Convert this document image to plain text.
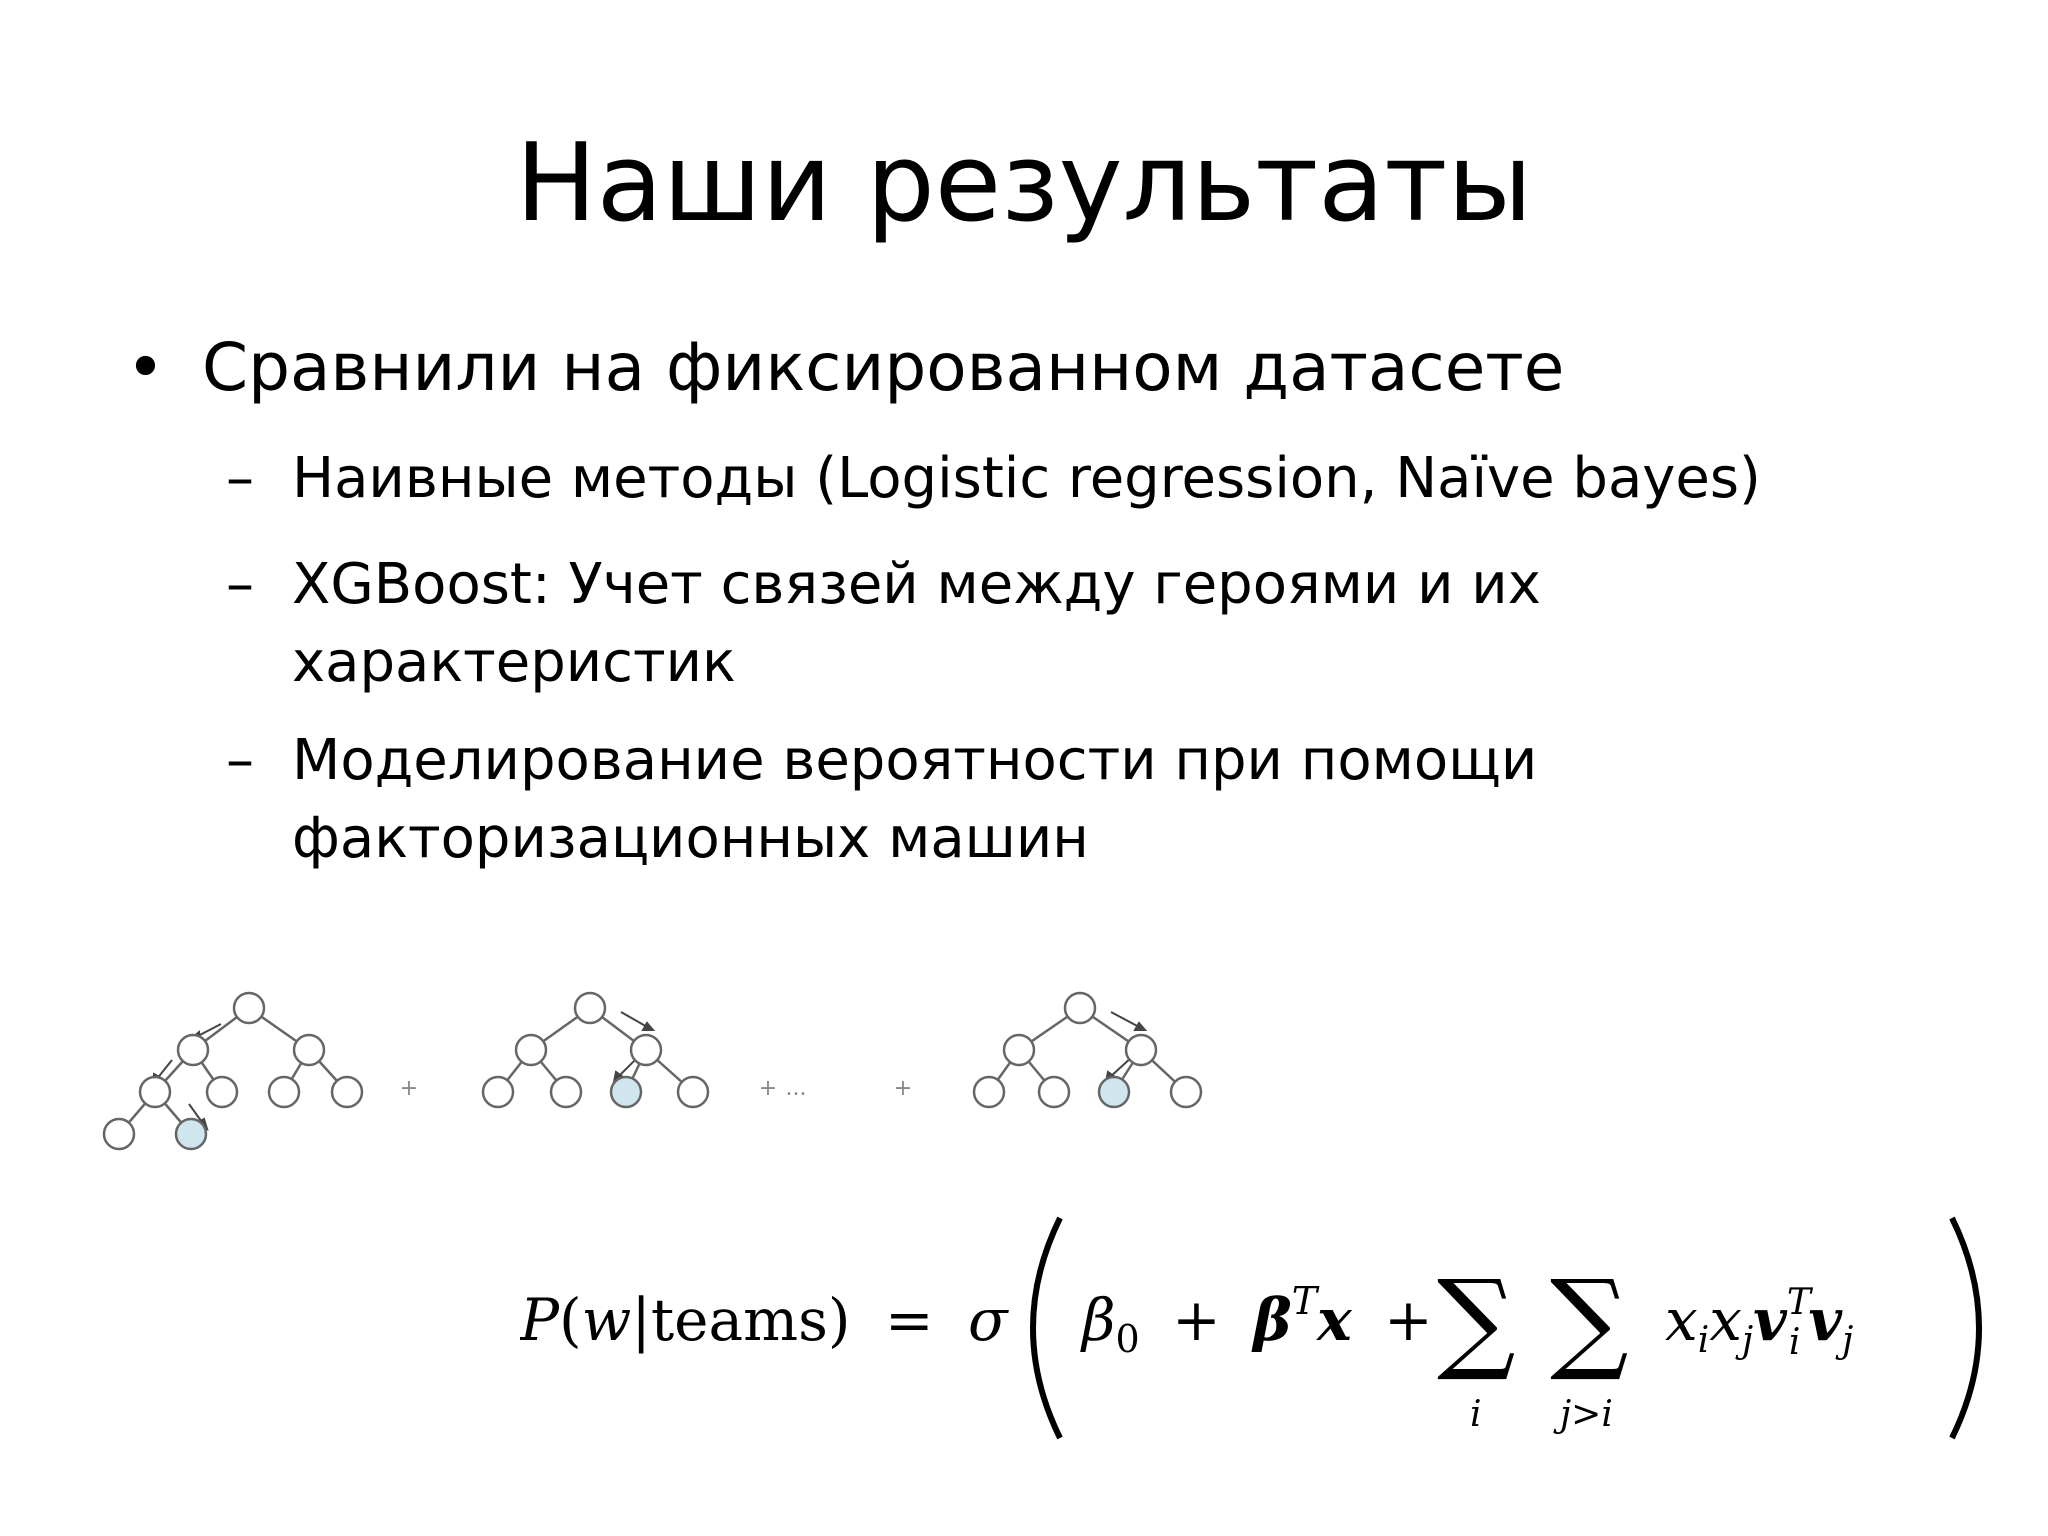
Наши результаты
• Сравнили на фиксированном датасете
– Наивные методы (Logistic regression, Naïve bayes)
– XGBoost: Учет связей между героями и их
характеристик
– Моделирование вероятности при помощи
факторизационных машин
+	+ ...	+
P(w|teams) = σ $\beta_0 + \beta^Tx$ + ∑
i
∑
j>i
$x_ix_jv^T$ i $v_j$
